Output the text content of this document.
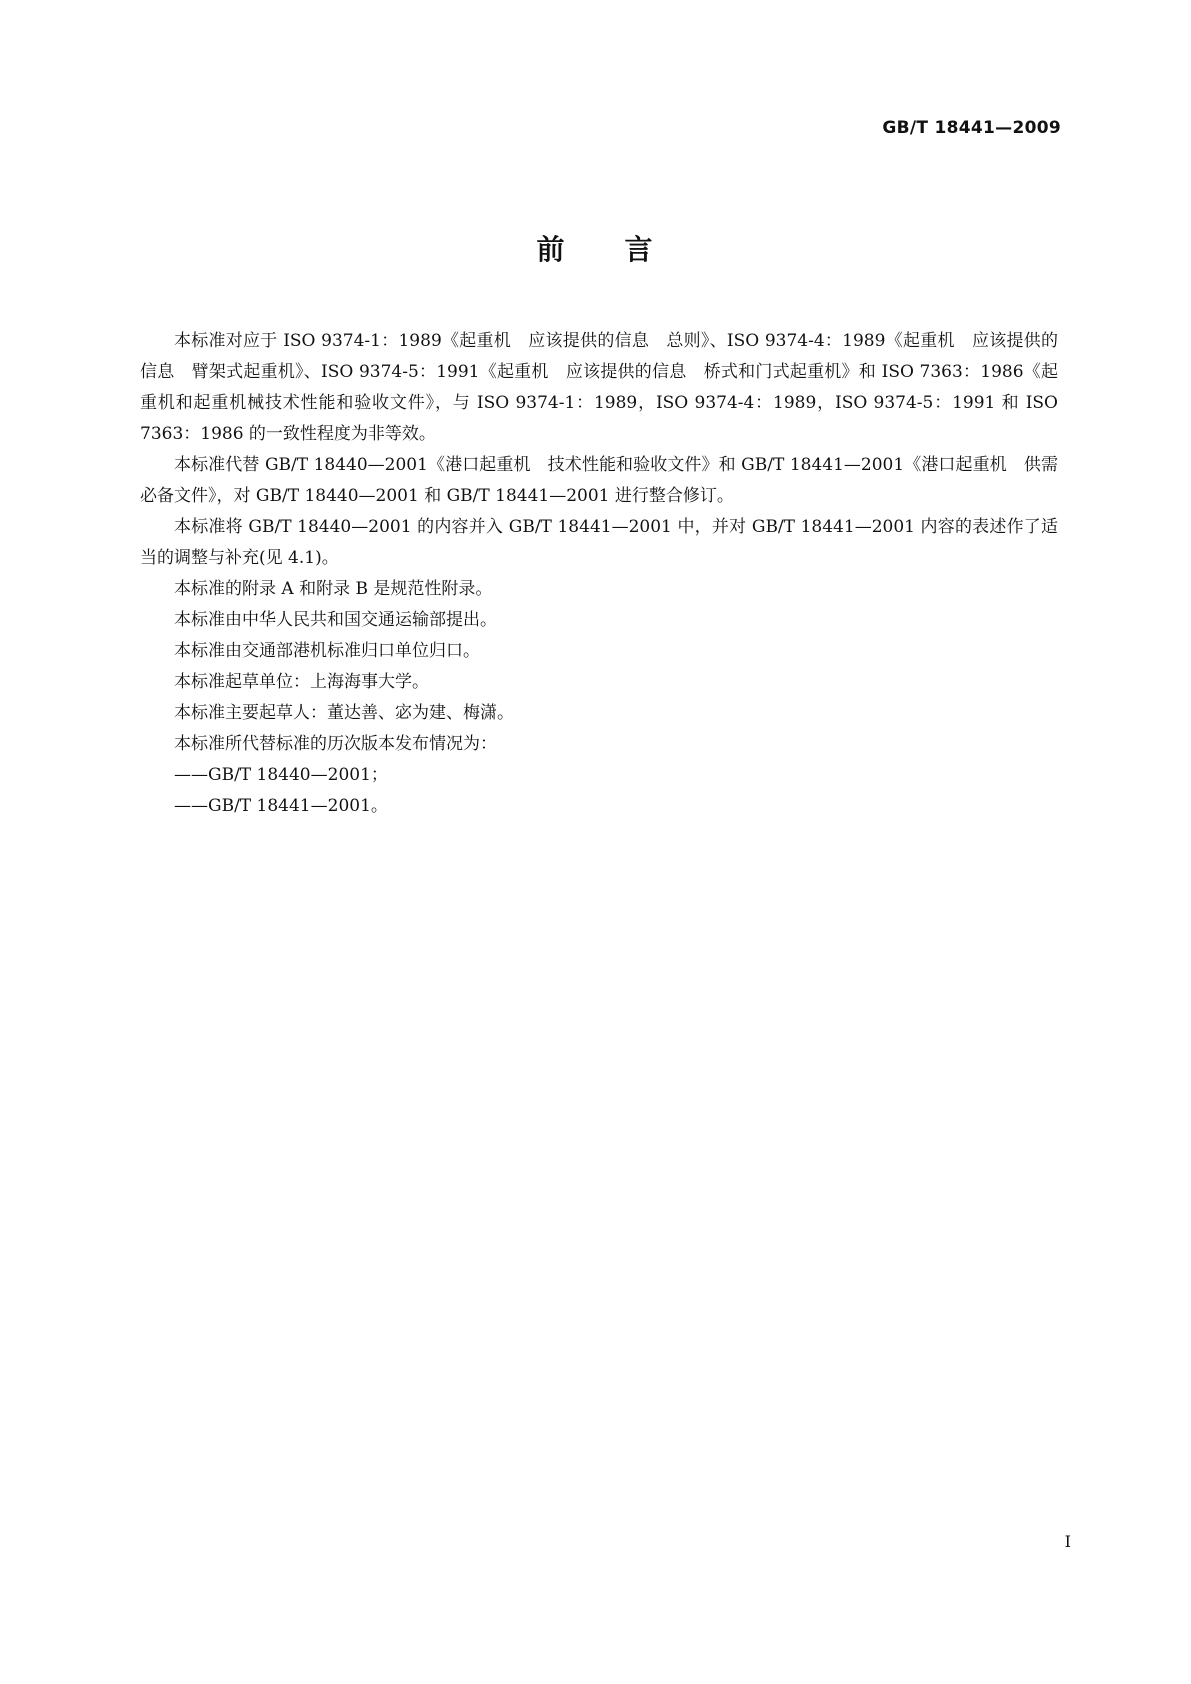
GB/T 18441—2009
前 言

本标准对应于 ISO 9374-1：1989《起重机　应该提供的信息　总则》、ISO 9374-4：1989《起重机　应该提供的信息　臂架式起重机》、ISO 9374-5：1991《起重机　应该提供的信息　桥式和门式起重机》和 ISO 7363：1986《起重机和起重机械技术性能和验收文件》，与 ISO 9374-1：1989，ISO 9374-4：1989，ISO 9374-5：1991 和 ISO 7363：1986 的一致性程度为非等效。

本标准代替 GB/T 18440—2001《港口起重机　技术性能和验收文件》和 GB/T 18441—2001《港口起重机　供需必备文件》，对 GB/T 18440—2001 和 GB/T 18441—2001 进行整合修订。

本标准将 GB/T 18440—2001 的内容并入 GB/T 18441—2001 中，并对 GB/T 18441—2001 内容的表述作了适当的调整与补充(见 4.1)。

本标准的附录 A 和附录 B 是规范性附录。

本标准由中华人民共和国交通运输部提出。

本标准由交通部港机标准归口单位归口。

本标准起草单位：上海海事大学。

本标准主要起草人：董达善、宓为建、梅潇。

本标准所代替标准的历次版本发布情况为：

——GB/T 18440—2001；

——GB/T 18441—2001。

I
